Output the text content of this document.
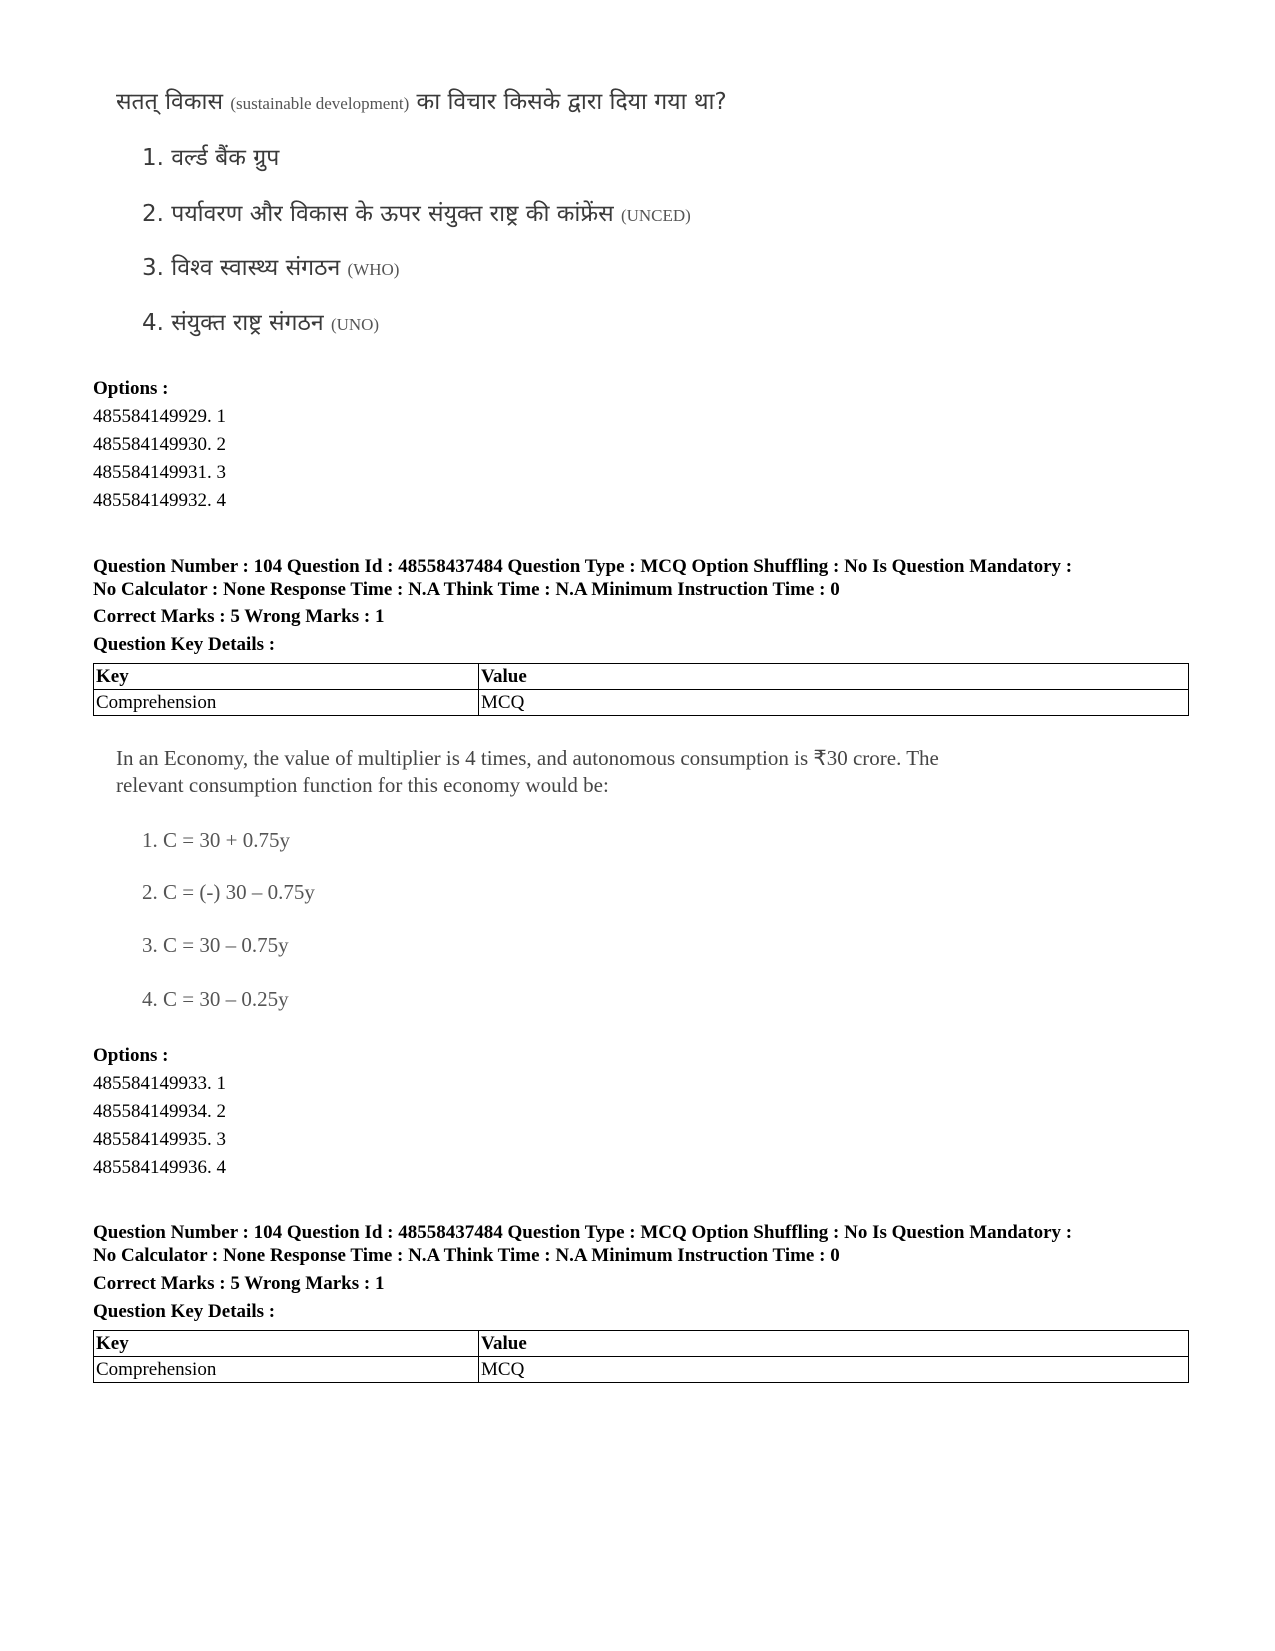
सतत् विकास (sustainable development) का विचार किसके द्वारा दिया गया था?
1. वर्ल्ड बैंक ग्रुप
2. पर्यावरण और विकास के ऊपर संयुक्त राष्ट्र की कांफ्रेंस (UNCED)
3. विश्व स्वास्थ्य संगठन (WHO)
4. संयुक्त राष्ट्र संगठन (UNO)
Options :
485584149929. 1
485584149930. 2
485584149931. 3
485584149932. 4
Question Number : 104 Question Id : 48558437484 Question Type : MCQ Option Shuffling : No Is Question Mandatory :
No Calculator : None Response Time : N.A Think Time : N.A Minimum Instruction Time : 0
Correct Marks : 5 Wrong Marks : 1
Question Key Details :
Key	Value
Comprehension	MCQ
In an Economy, the value of multiplier is 4 times, and autonomous consumption is ₹30 crore. The
relevant consumption function for this economy would be:
1. C = 30 + 0.75y
2. C = (-) 30 – 0.75y
3. C = 30 – 0.75y
4. C = 30 – 0.25y
Options :
485584149933. 1
485584149934. 2
485584149935. 3
485584149936. 4
Question Number : 104 Question Id : 48558437484 Question Type : MCQ Option Shuffling : No Is Question Mandatory :
No Calculator : None Response Time : N.A Think Time : N.A Minimum Instruction Time : 0
Correct Marks : 5 Wrong Marks : 1
Question Key Details :
Key	Value
Comprehension	MCQ
